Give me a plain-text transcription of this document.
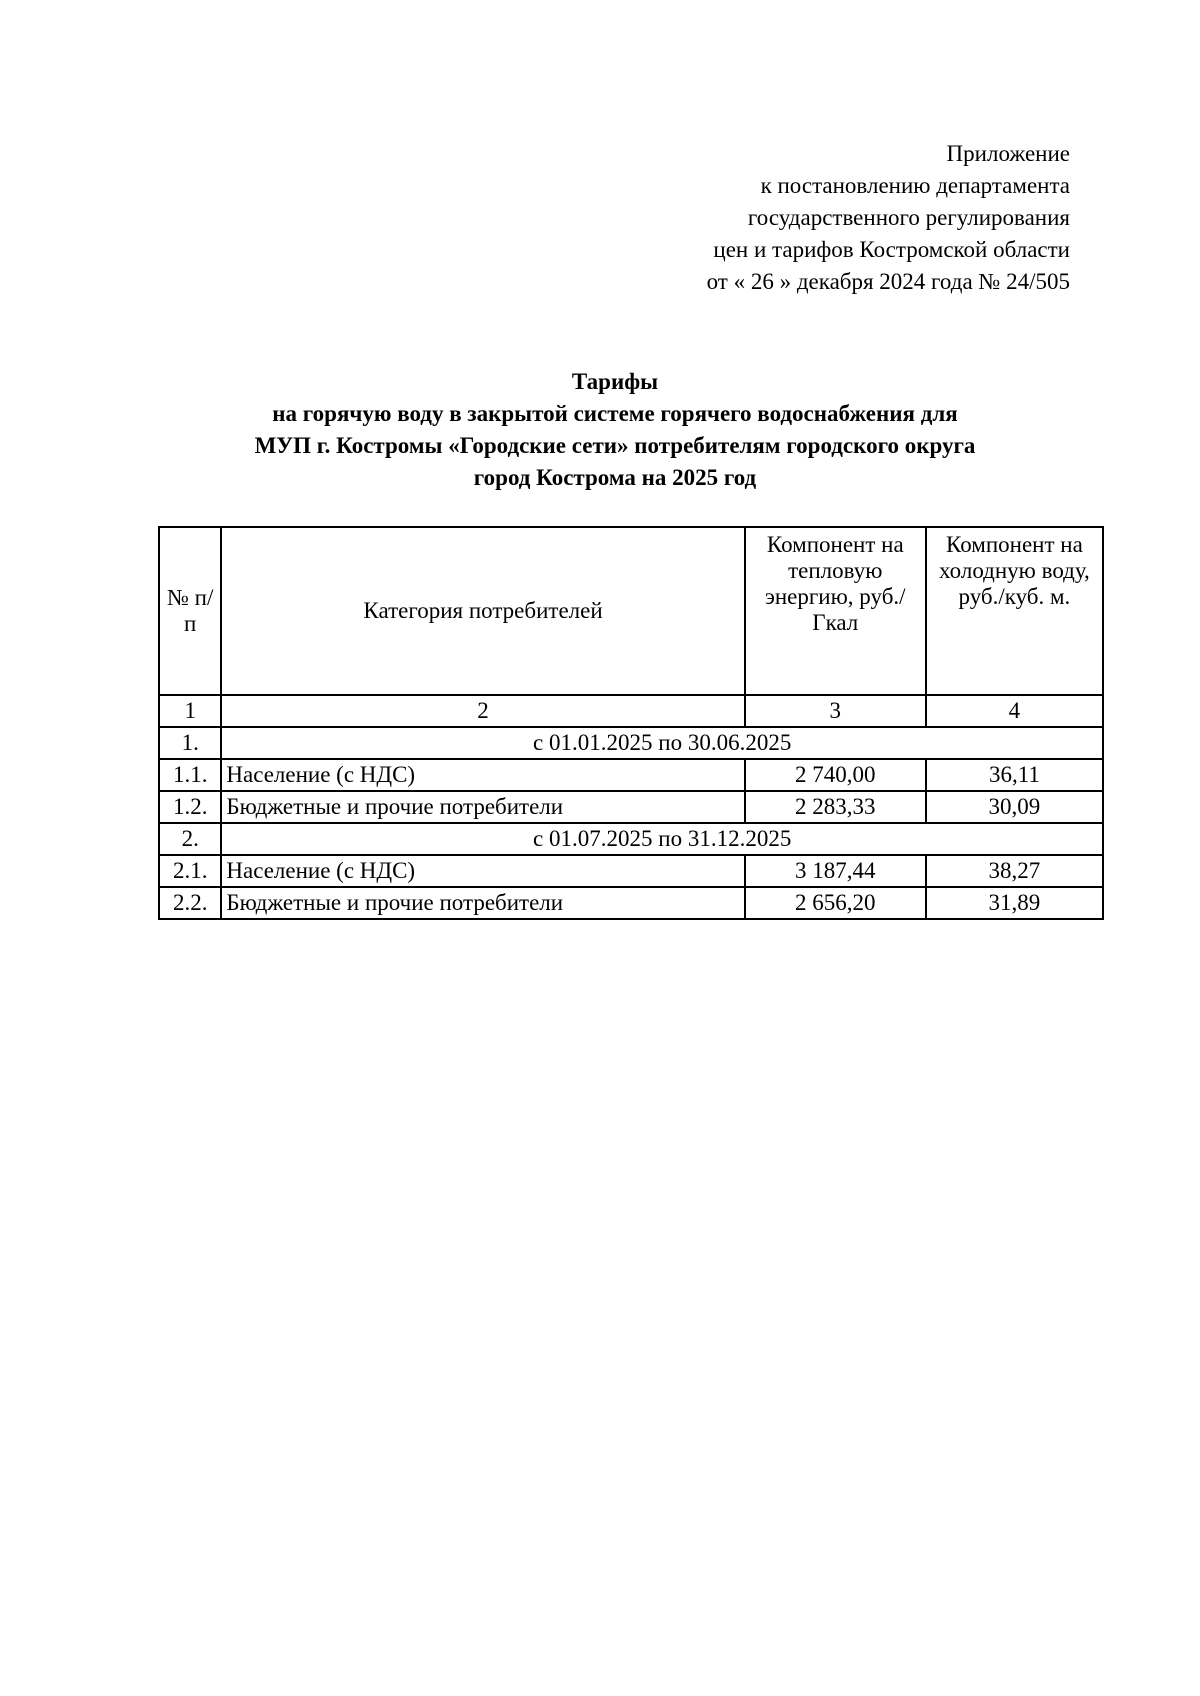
Приложение
к постановлению департамента
государственного регулирования
цен и тарифов Костромской области
от « 26 » декабря 2024 года № 24/505
Тарифы
на горячую воду в закрытой системе горячего водоснабжения для
МУП г. Костромы «Городские сети» потребителям городского округа
город Кострома на 2025 год
№ п/п	Категория потребителей	Компонент на тепловую энергию, руб./Гкал	Компонент на холодную воду, руб./куб. м.
1	2	3	4
1.	с 01.01.2025 по 30.06.2025		
1.1.	Население (с НДС)	2 740,00	36,11
1.2.	Бюджетные и прочие потребители	2 283,33	30,09
2.	с 01.07.2025 по 31.12.2025		
2.1.	Население (с НДС)	3 187,44	38,27
2.2.	Бюджетные и прочие потребители	2 656,20	31,89
